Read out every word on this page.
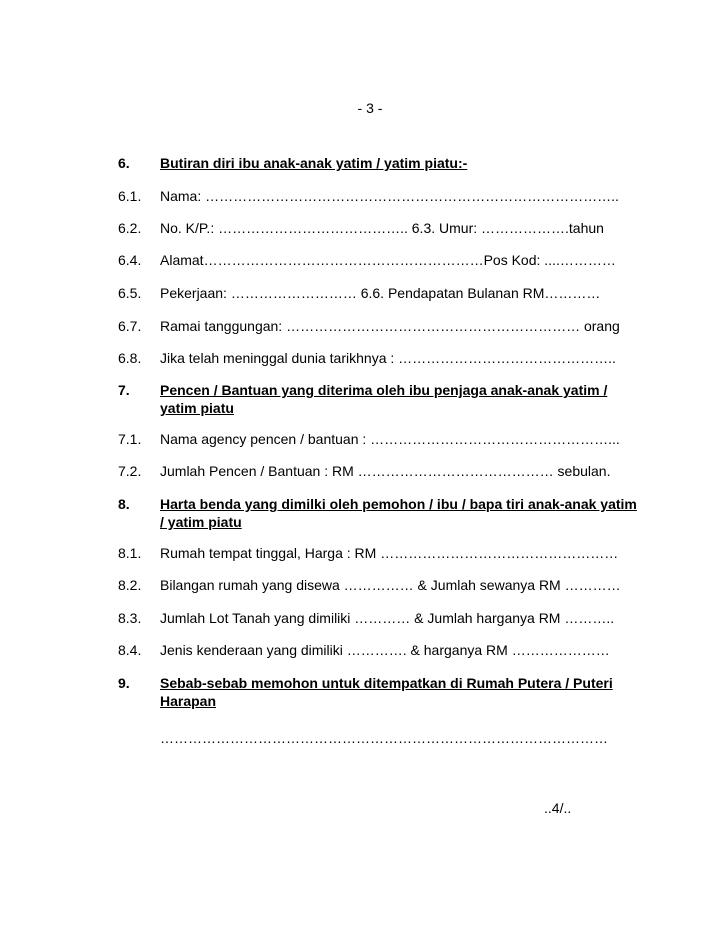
- 3 -
6. Butiran diri ibu anak-anak yatim / yatim piatu:-
6.1. Nama: ……………………………………………………………………………..
6.2. No. K/P.: ………………………………….. 6.3. Umur: ……………….tahun
6.4. Alamat……………………………………………………Pos Kod: ....…………
6.5. Pekerjaan: ……………………… 6.6. Pendapatan Bulanan RM…………
6.7. Ramai tanggungan: ……………………………………………………… orang
6.8. Jika telah meninggal dunia tarikhnya : ………………………………………..
7. Pencen / Bantuan yang diterima oleh ibu penjaga anak-anak yatim / yatim piatu
7.1. Nama agency pencen / bantuan : ……………………………………………...
7.2. Jumlah Pencen / Bantuan : RM …………………………………… sebulan.
8. Harta benda yang dimilki oleh pemohon / ibu / bapa tiri anak-anak yatim / yatim piatu
8.1. Rumah tempat tinggal, Harga : RM ……………………………………………
8.2. Bilangan rumah yang disewa …………… & Jumlah sewanya RM …………
8.3. Jumlah Lot Tanah yang dimiliki ………… & Jumlah harganya RM ………..
8.4. Jenis kenderaan yang dimiliki …………. & harganya RM …………………
9. Sebab-sebab memohon untuk ditempatkan di Rumah Putera / Puteri Harapan
……………………………………………………………………………………
..4/..
